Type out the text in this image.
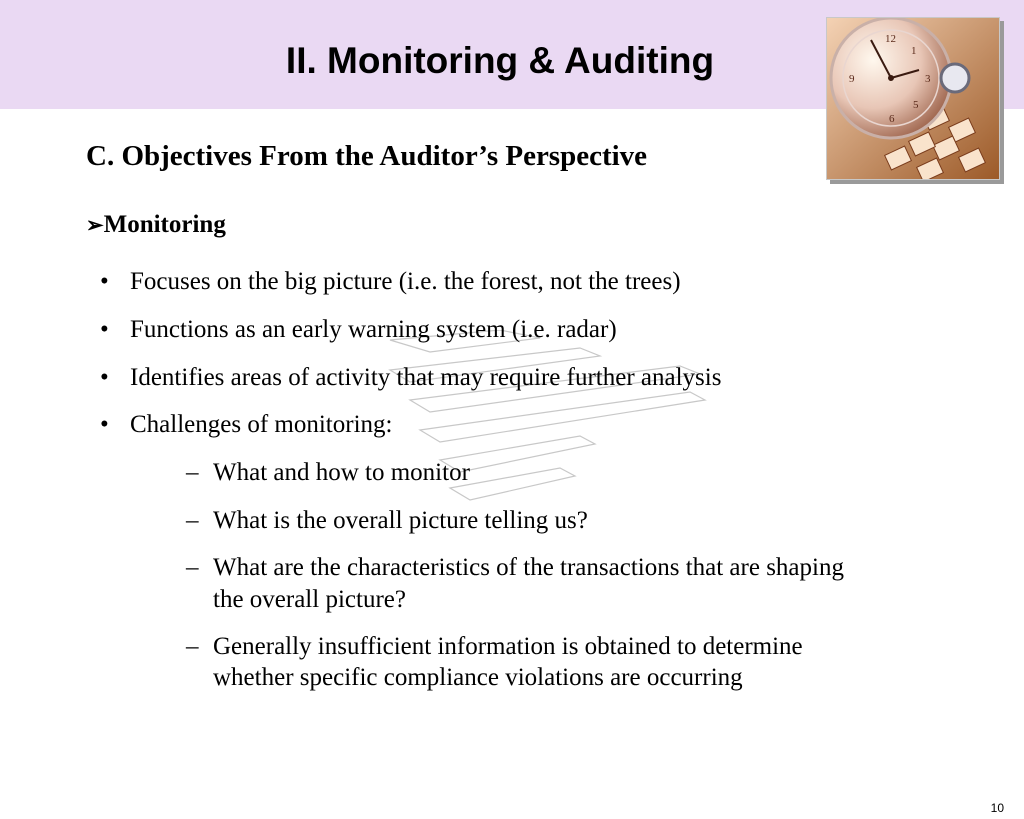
II. Monitoring & Auditing
12
3
6
9
1
5
C. Objectives From the Auditor’s Perspective
➢Monitoring
• Focuses on the big picture (i.e. the forest, not the trees)
• Functions as an early warning system (i.e. radar)
• Identifies areas of activity that may require further analysis
• Challenges of monitoring:
– What and how to monitor
– What is the overall picture telling us?
– What are the characteristics of the transactions that are shaping
the overall picture?
– Generally insufficient information is obtained to determine
whether specific compliance violations are occurring
10
